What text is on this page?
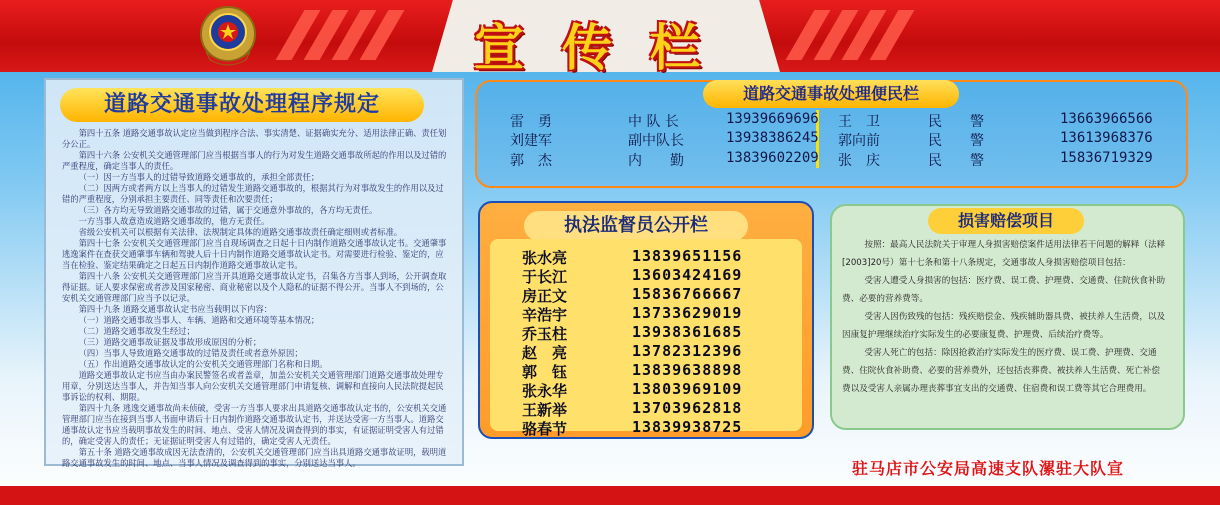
宣传栏
道路交通事故处理程序规定

第四十五条 道路交通事故认定应当做到程序合法、事实清楚、证据确实充分、适用法律正确、责任划分公正。

第四十六条 公安机关交通管理部门应当根据当事人的行为对发生道路交通事故所起的作用以及过错的严重程度，确定当事人的责任。

（一）因一方当事人的过错导致道路交通事故的，承担全部责任；

（二）因两方或者两方以上当事人的过错发生道路交通事故的，根据其行为对事故发生的作用以及过错的严重程度，分别承担主要责任、同等责任和次要责任；

（三）各方均无导致道路交通事故的过错，属于交通意外事故的，各方均无责任。

一方当事人故意造成道路交通事故的，他方无责任。

省级公安机关可以根据有关法律、法规制定具体的道路交通事故责任确定细则或者标准。

第四十七条 公安机关交通管理部门应当自现场调查之日起十日内制作道路交通事故认定书。交通肇事逃逸案件在查获交通肇事车辆和驾驶人后十日内制作道路交通事故认定书。对需要进行检验、鉴定的，应当在检验、鉴定结果确定之日起五日内制作道路交通事故认定书。

第四十八条 公安机关交通管理部门应当开具道路交通事故认定书，召集各方当事人到场，公开调查取得证据。证人要求保密或者涉及国家秘密、商业秘密以及个人隐私的证据不得公开。当事人不到场的，公安机关交通管理部门应当予以记录。

第四十九条 道路交通事故认定书应当载明以下内容：

（一）道路交通事故当事人、车辆、道路和交通环境等基本情况；

（二）道路交通事故发生经过；

（三）道路交通事故证据及事故形成原因的分析；

（四）当事人导致道路交通事故的过错及责任或者意外原因；

（五）作出道路交通事故认定的公安机关交通管理部门名称和日期。

道路交通事故认定书应当由办案民警签名或者盖章，加盖公安机关交通管理部门道路交通事故处理专用章，分别送达当事人，并告知当事人向公安机关交通管理部门申请复核、调解和直接向人民法院提起民事诉讼的权利、期限。

第四十九条 逃逸交通事故尚未侦破，受害一方当事人要求出具道路交通事故认定书的，公安机关交通管理部门应当在接到当事人书面申请后十日内制作道路交通事故认定书，并送达受害一方当事人。道路交通事故认定书应当载明事故发生的时间、地点、受害人情况及调查得到的事实，有证据证明受害人有过错的，确定受害人的责任；无证据证明受害人有过错的，确定受害人无责任。

第五十条 道路交通事故成因无法查清的，公安机关交通管理部门应当出具道路交通事故证明，载明道路交通事故发生的时间、地点、当事人情况及调查得到的事实，分别送达当事人。

道路交通事故处理便民栏
雷　勇	中 队 长	13939669696
刘建军	副中队长	13938386245
郭　杰	内　　勤	13839602209
王　卫	民　　警	13663966566
郭向前	民　　警	13613968376
张　庆	民　　警	15836719329
执法监督员公开栏
张水亮	13839651156
于长江	13603424169
房正文	15836766667
辛浩宇	13733629019
乔玉柱	13938361685
赵　亮	13782312396
郭　钰	13839638898
张永华	13803969109
王新举	13703962818
骆春节	13839938725
损害赔偿项目

按照：最高人民法院关于审理人身损害赔偿案件适用法律若干问题的解释（法释[2003]20号）第十七条和第十八条规定，交通事故人身损害赔偿项目包括：

受害人遭受人身损害的包括：医疗费、误工费、护理费、交通费、住院伙食补助费、必要的营养费等。

受害人因伤致残的包括：残疾赔偿金、残疾辅助器具费、被扶养人生活费，以及因康复护理继续治疗实际发生的必要康复费、护理费、后续治疗费等。

受害人死亡的包括：除因抢救治疗实际发生的医疗费、误工费、护理费、交通费、住院伙食补助费、必要的营养费外，还包括丧葬费、被扶养人生活费、死亡补偿费以及受害人亲属办理丧葬事宜支出的交通费、住宿费和误工费等其它合理费用。

驻马店市公安局高速支队漯驻大队宣
